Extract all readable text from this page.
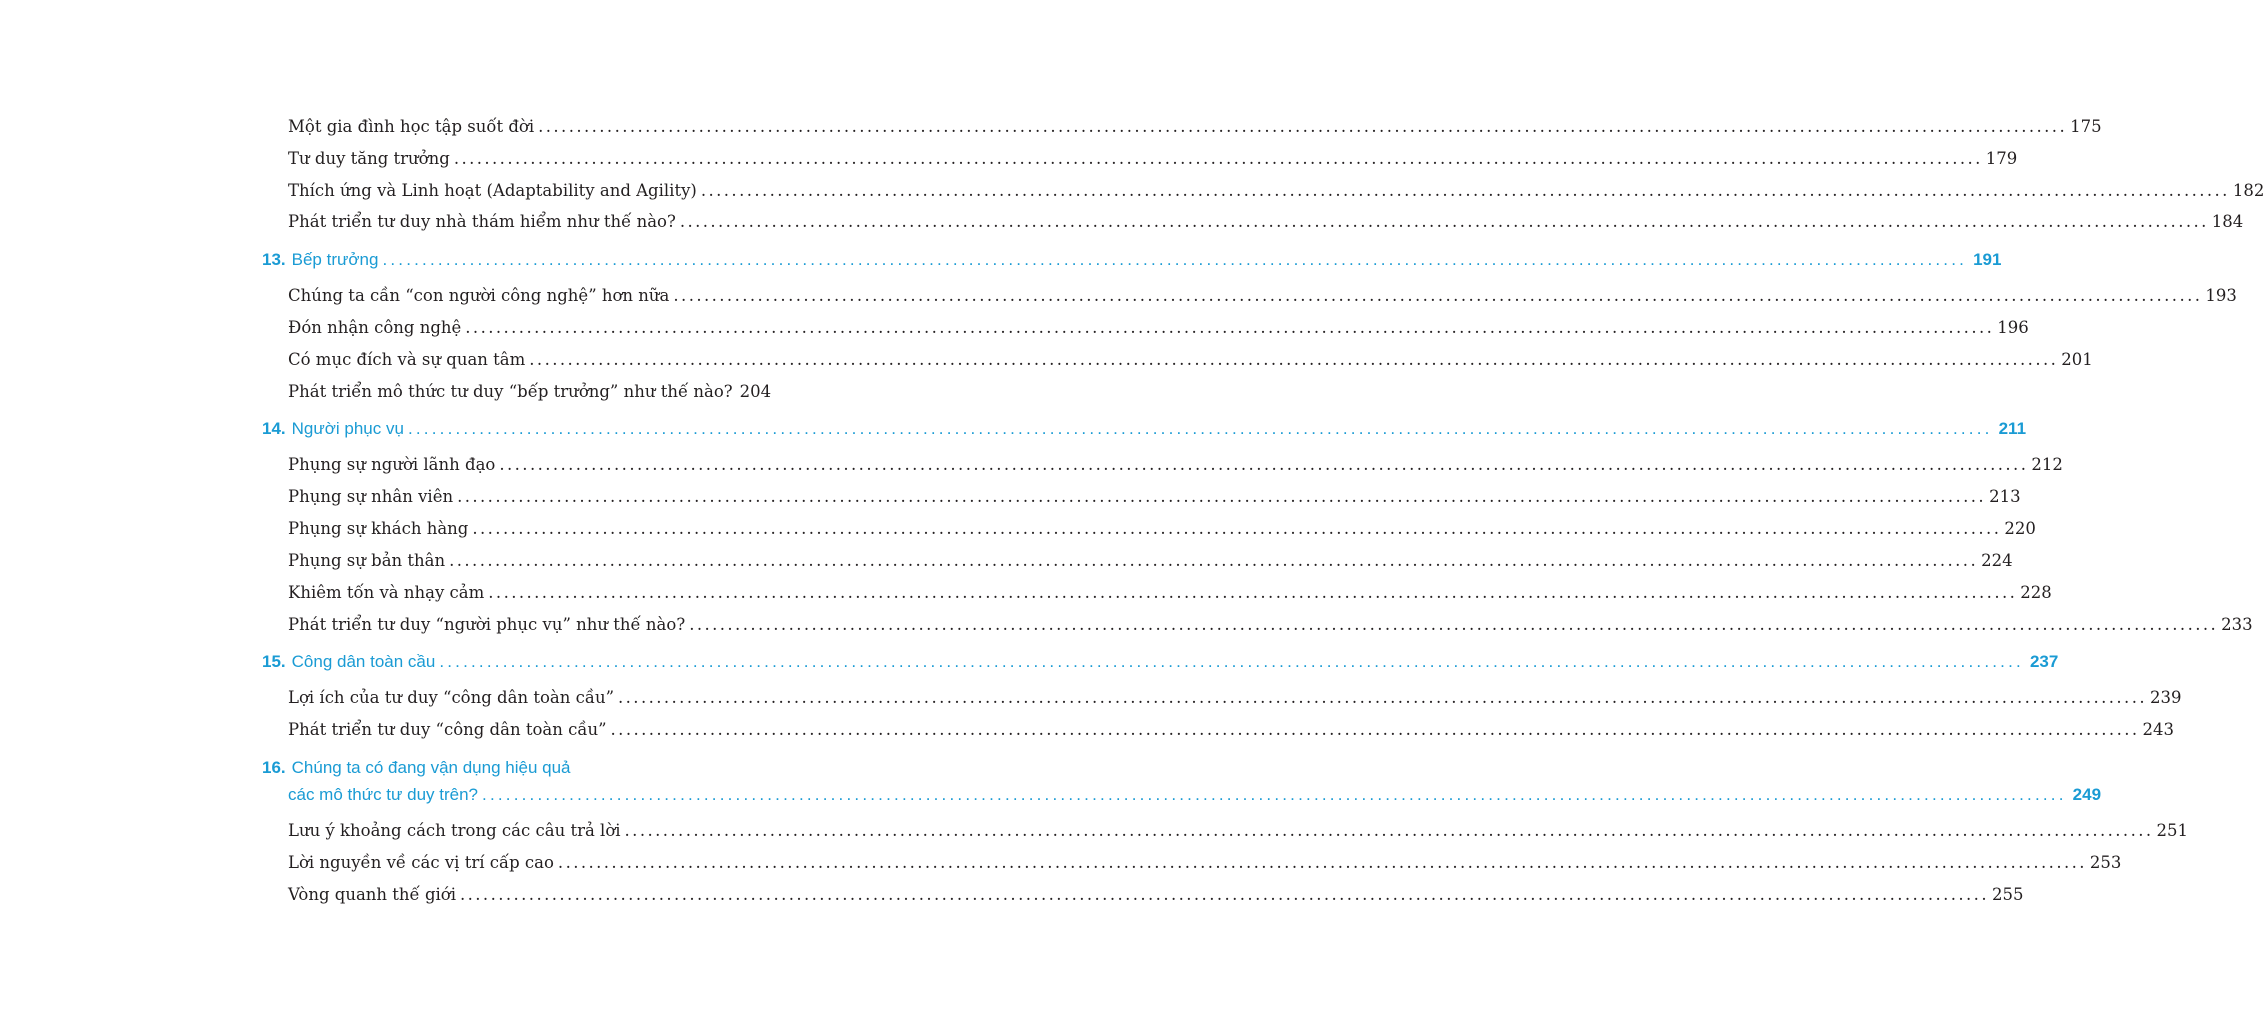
Một gia đình học tập suốt đời ........................................................................................................................................................................................................ 175
Tư duy tăng trưởng ........................................................................................................................................................................................................ 179
Thích ứng và Linh hoạt (Adaptability and Agility) ........................................................................................................................................................................................................ 182
Phát triển tư duy nhà thám hiểm như thế nào? ........................................................................................................................................................................................................ 184
13. Bếp trưởng ........................................................................................................................................................................................................ 191
Chúng ta cần “con người công nghệ” hơn nữa ........................................................................................................................................................................................................ 193
Đón nhận công nghệ ........................................................................................................................................................................................................ 196
Có mục đích và sự quan tâm ........................................................................................................................................................................................................ 201
Phát triển mô thức tư duy “bếp trưởng” như thế nào? 204
14. Người phục vụ ........................................................................................................................................................................................................ 211
Phụng sự người lãnh đạo ........................................................................................................................................................................................................ 212
Phụng sự nhân viên ........................................................................................................................................................................................................ 213
Phụng sự khách hàng ........................................................................................................................................................................................................ 220
Phụng sự bản thân ........................................................................................................................................................................................................ 224
Khiêm tốn và nhạy cảm ........................................................................................................................................................................................................ 228
Phát triển tư duy “người phục vụ” như thế nào? ........................................................................................................................................................................................................ 233
15. Công dân toàn cầu ........................................................................................................................................................................................................ 237
Lợi ích của tư duy “công dân toàn cầu” ........................................................................................................................................................................................................ 239
Phát triển tư duy “công dân toàn cầu” ........................................................................................................................................................................................................ 243
16. Chúng ta có đang vận dụng hiệu quả
các mô thức tư duy trên? ........................................................................................................................................................................................................ 249
Lưu ý khoảng cách trong các câu trả lời ........................................................................................................................................................................................................ 251
Lời nguyền về các vị trí cấp cao ........................................................................................................................................................................................................ 253
Vòng quanh thế giới ........................................................................................................................................................................................................ 255
